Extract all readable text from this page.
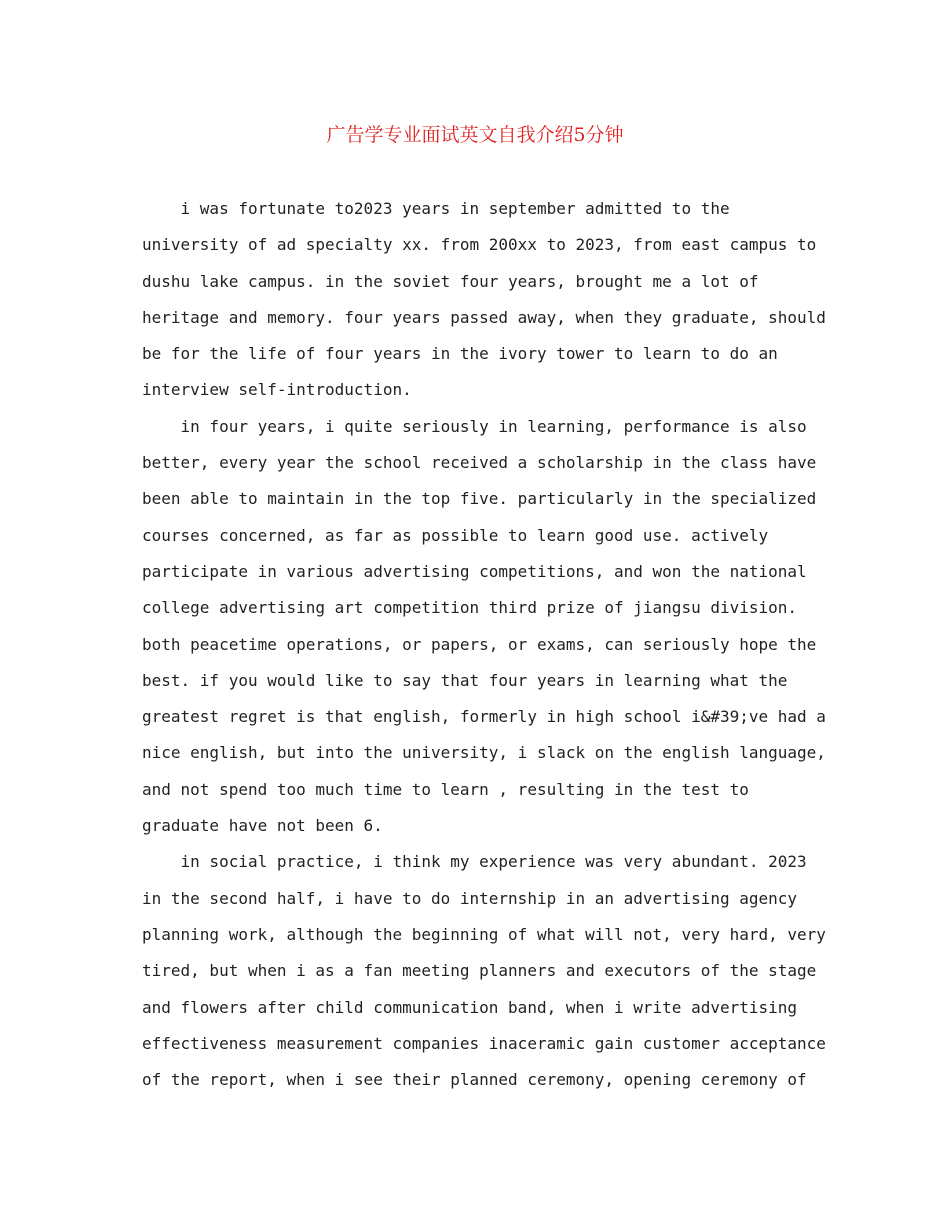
广告学专业面试英文自我介绍5分钟
i was fortunate to2023 years in september admitted to the
university of ad specialty xx. from 200xx to 2023, from east campus to
dushu lake campus. in the soviet four years, brought me a lot of
heritage and memory. four years passed away, when they graduate, should
be for the life of four years in the ivory tower to learn to do an
interview self-introduction.
in four years, i quite seriously in learning, performance is also
better, every year the school received a scholarship in the class have
been able to maintain in the top five. particularly in the specialized
courses concerned, as far as possible to learn good use. actively
participate in various advertising competitions, and won the national
college advertising art competition third prize of jiangsu division.
both peacetime operations, or papers, or exams, can seriously hope the
best. if you would like to say that four years in learning what the
greatest regret is that english, formerly in high school i&#39;ve had a
nice english, but into the university, i slack on the english language,
and not spend too much time to learn , resulting in the test to
graduate have not been 6.
in social practice, i think my experience was very abundant. 2023
in the second half, i have to do internship in an advertising agency
planning work, although the beginning of what will not, very hard, very
tired, but when i as a fan meeting planners and executors of the stage
and flowers after child communication band, when i write advertising
effectiveness measurement companies inaceramic gain customer acceptance
of the report, when i see their planned ceremony, opening ceremony of
